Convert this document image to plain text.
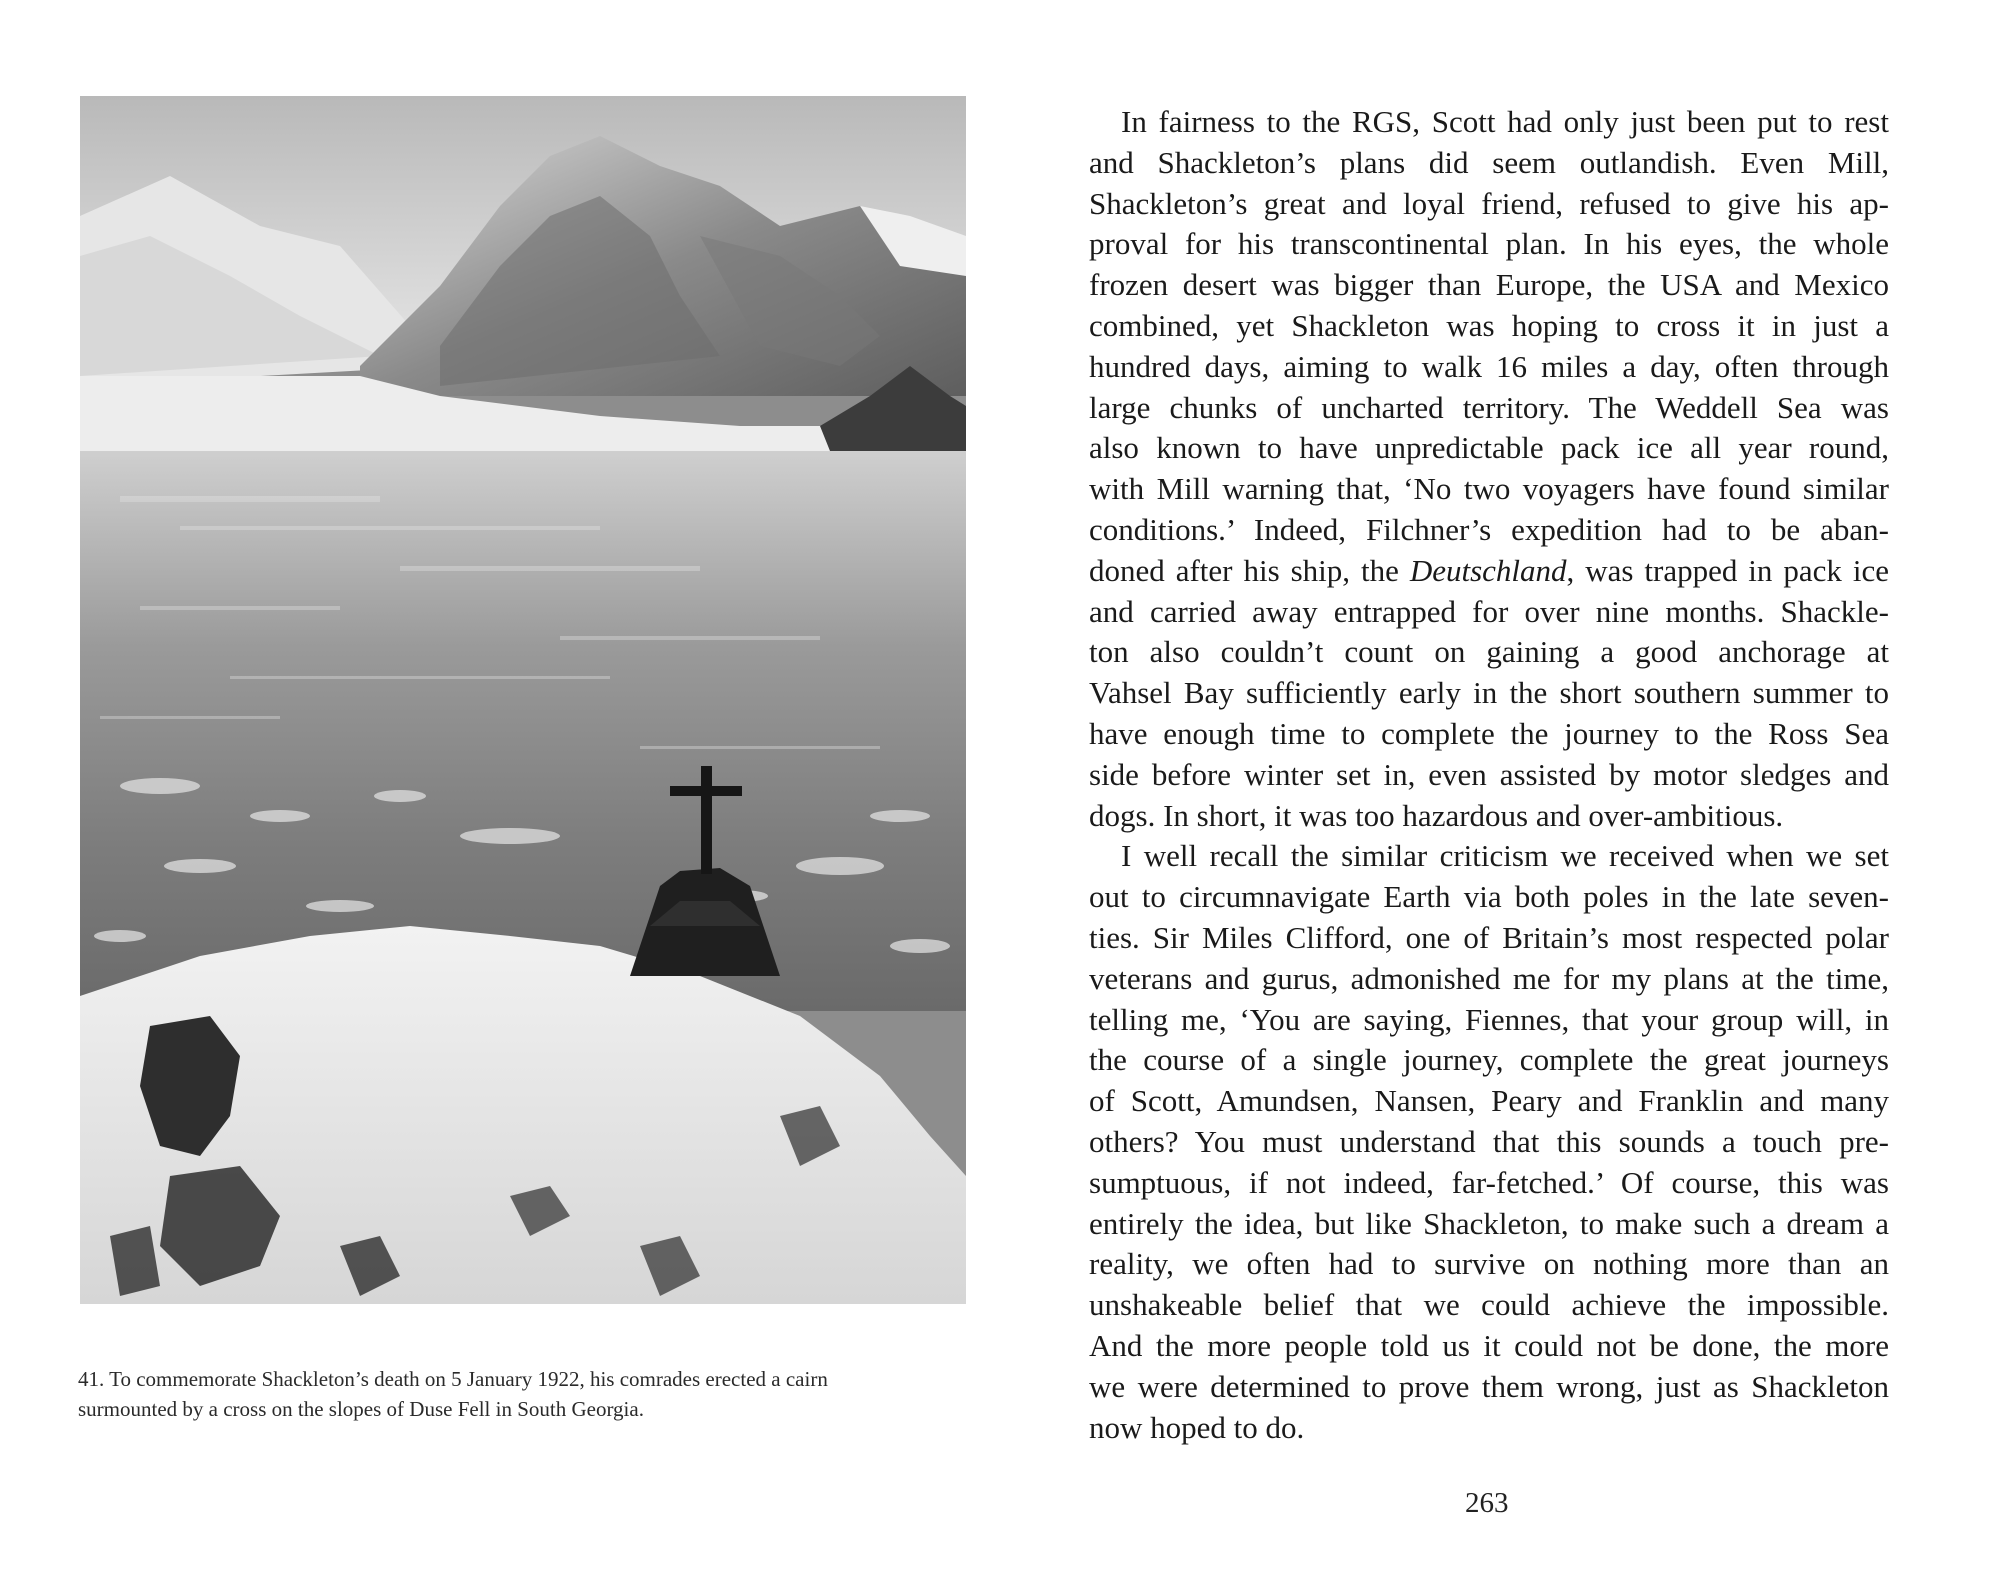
41. To commemorate Shackleton’s death on 5 January 1922, his comrades erected a cairn

surmounted by a cross on the slopes of Duse Fell in South Georgia.

In fairness to the RGS, Scott had only just been put to rest
and Shackleton’s plans did seem outlandish. Even Mill,
Shackleton’s great and loyal friend, refused to give his ap-
proval for his transcontinental plan. In his eyes, the whole
frozen desert was bigger than Europe, the USA and Mexico
combined, yet Shackleton was hoping to cross it in just a
hundred days, aiming to walk 16 miles a day, often through
large chunks of uncharted territory. The Weddell Sea was
also known to have unpredictable pack ice all year round,
with Mill warning that, ‘No two voyagers have found similar
conditions.’ Indeed, Filchner’s expedition had to be aban-
doned after his ship, the Deutschland, was trapped in pack ice
and carried away entrapped for over nine months. Shackle-
ton also couldn’t count on gaining a good anchorage at
Vahsel Bay sufficiently early in the short southern summer to
have enough time to complete the journey to the Ross Sea
side before winter set in, even assisted by motor sledges and
dogs. In short, it was too hazardous and over-ambitious.
I well recall the similar criticism we received when we set
out to circumnavigate Earth via both poles in the late seven-
ties. Sir Miles Clifford, one of Britain’s most respected polar
veterans and gurus, admonished me for my plans at the time,
telling me, ‘You are saying, Fiennes, that your group will, in
the course of a single journey, complete the great journeys
of Scott, Amundsen, Nansen, Peary and Franklin and many
others? You must understand that this sounds a touch pre-
sumptuous, if not indeed, far-fetched.’ Of course, this was
entirely the idea, but like Shackleton, to make such a dream a
reality, we often had to survive on nothing more than an
unshakeable belief that we could achieve the impossible.
And the more people told us it could not be done, the more
we were determined to prove them wrong, just as Shackleton
now hoped to do.
263
